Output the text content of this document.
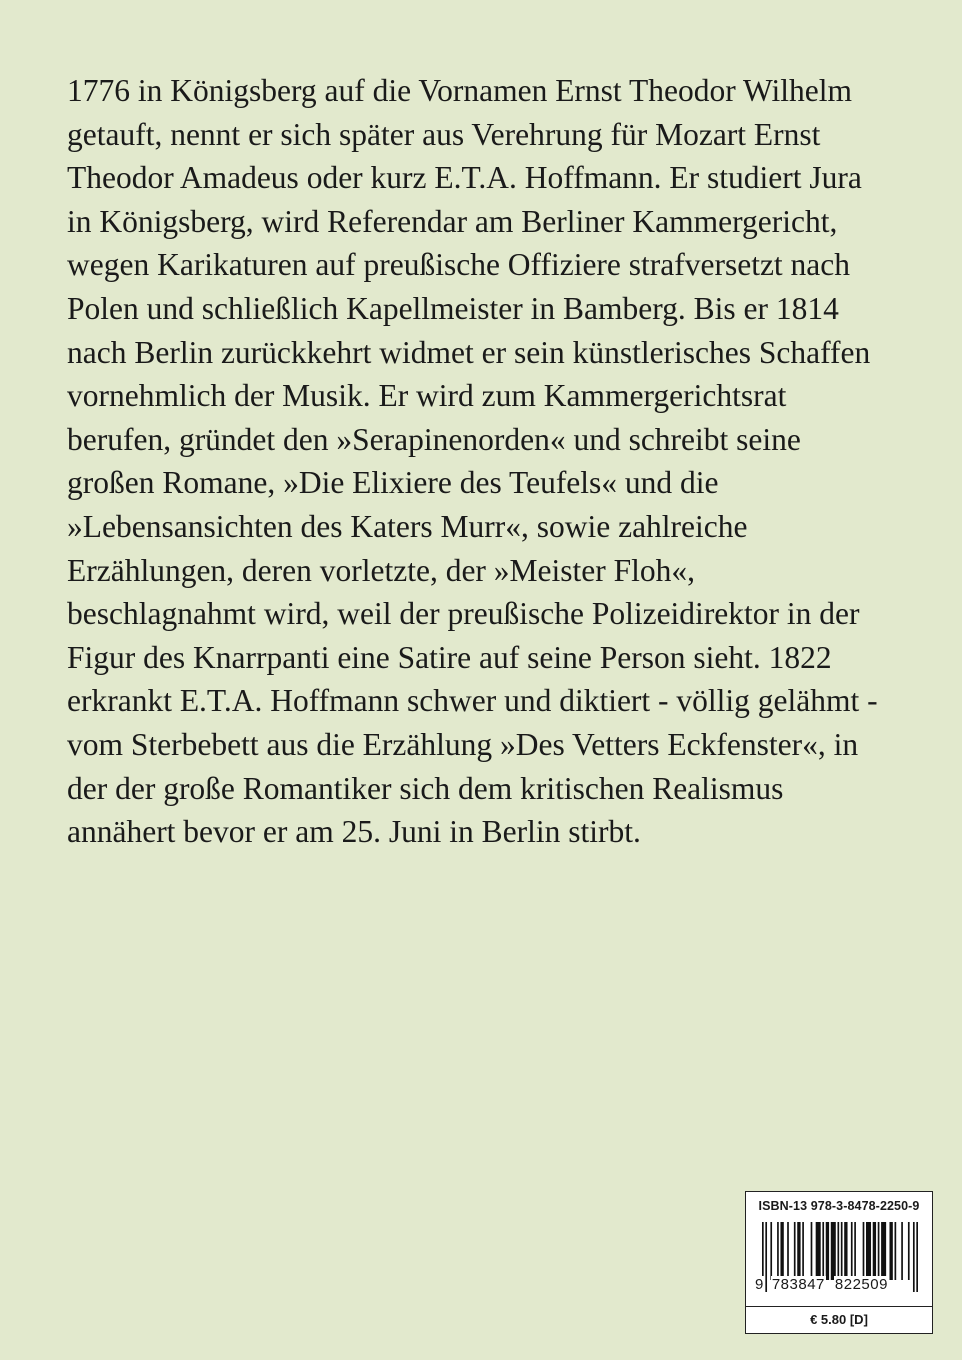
1776 in Königsberg auf die Vornamen Ernst Theodor Wilhelm
getauft, nennt er sich später aus Verehrung für Mozart Ernst
Theodor Amadeus oder kurz E.T.A. Hoffmann. Er studiert Jura
in Königsberg, wird Referendar am Berliner Kammergericht,
wegen Karikaturen auf preußische Offiziere strafversetzt nach
Polen und schließlich Kapellmeister in Bamberg. Bis er 1814
nach Berlin zurückkehrt widmet er sein künstlerisches Schaffen
vornehmlich der Musik. Er wird zum Kammergerichtsrat
berufen, gründet den »Serapinenorden« und schreibt seine
großen Romane, »Die Elixiere des Teufels« und die
»Lebensansichten des Katers Murr«, sowie zahlreiche
Erzählungen, deren vorletzte, der »Meister Floh«,
beschlagnahmt wird, weil der preußische Polizeidirektor in der
Figur des Knarrpanti eine Satire auf seine Person sieht. 1822
erkrankt E.T.A. Hoffmann schwer und diktiert - völlig gelähmt -
vom Sterbebett aus die Erzählung »Des Vetters Eckfenster«, in
der der große Romantiker sich dem kritischen Realismus
annähert bevor er am 25. Juni in Berlin stirbt.
ISBN-13 978-3-8478-2250-9
9 783847 822509
€ 5.80 [D]
